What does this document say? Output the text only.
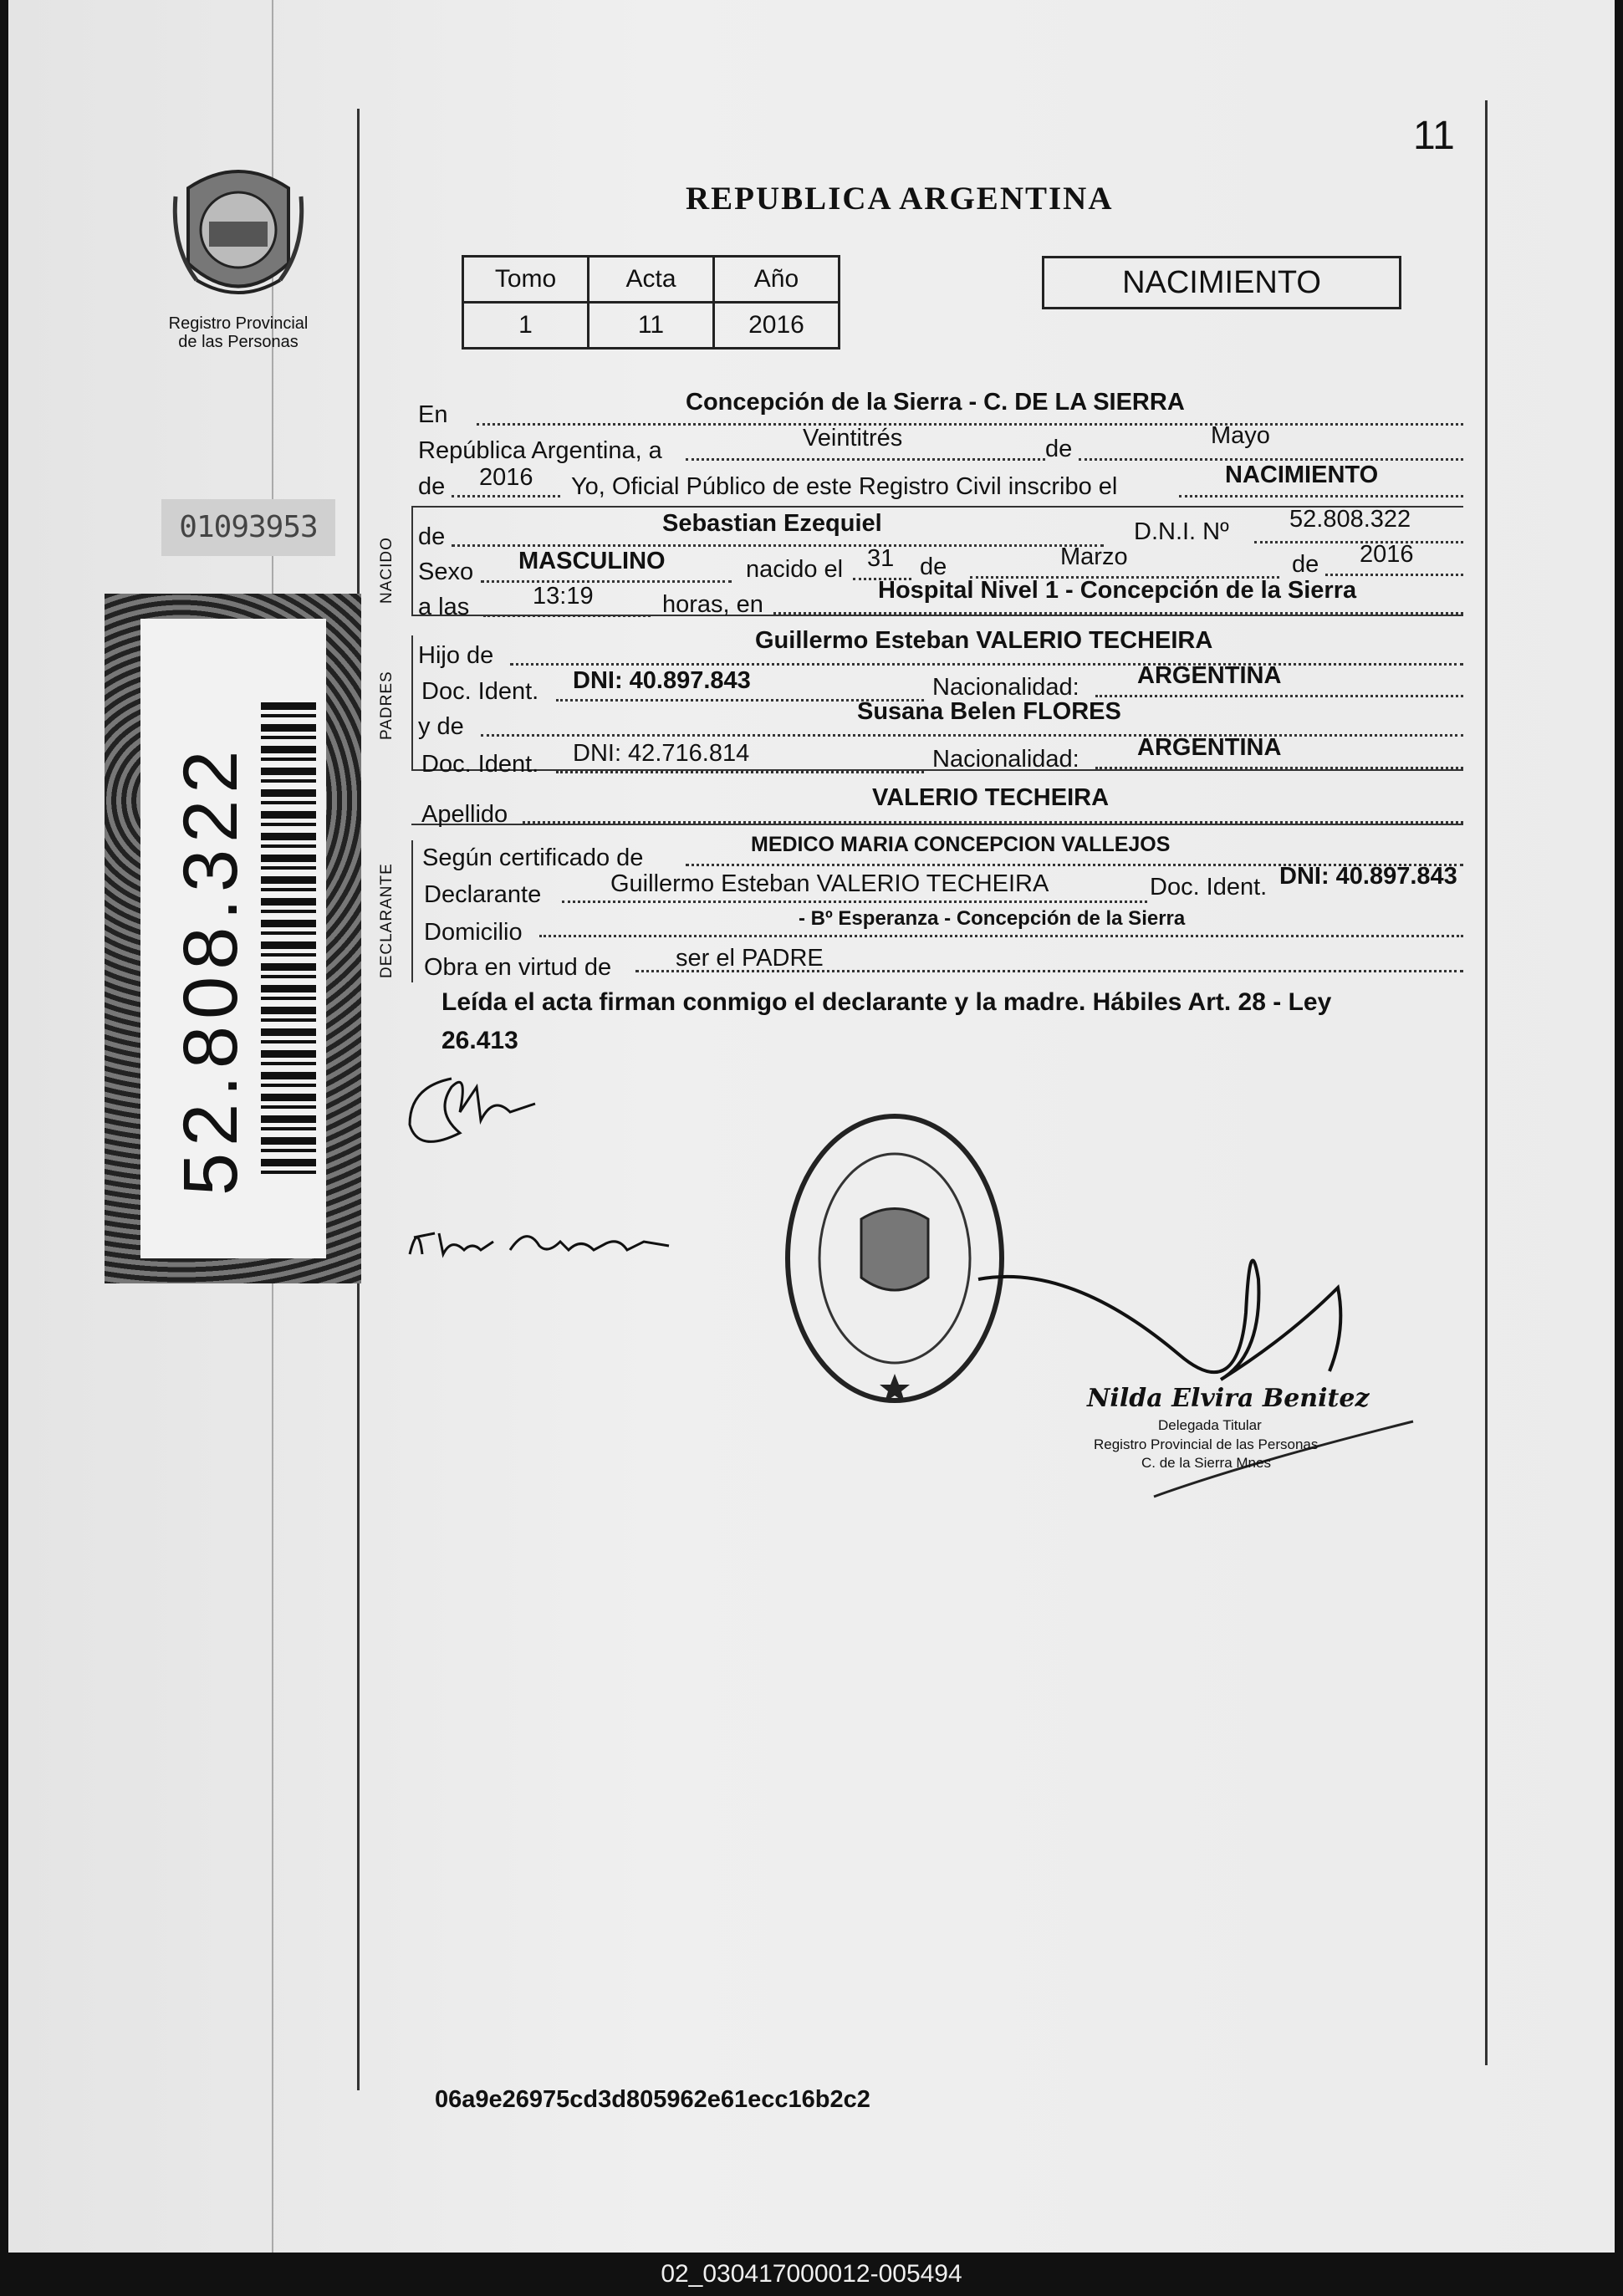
11
REPUBLICA ARGENTINA
Tomo	Acta	Año
1	11	2016
NACIMIENTO
Registro Provincial
de las Personas
01093953
52.808.322
NACIDO
PADRES
DECLARANTE
En	Concepción de la Sierra - C. DE LA SIERRA
República Argentina, a	Veintitrés	de	Mayo
de 2016 Yo, Oficial Público de este Registro Civil inscribo el	NACIMIENTO
de	Sebastian Ezequiel	D.N.I. Nº 52.808.322
Sexo MASCULINO	nacido el 31 de	Marzo	de 2016
a las	13:19	horas, en
Hospital Nivel 1 - Concepción de la Sierra
Hijo de
Guillermo Esteban VALERIO TECHEIRA
Doc. Ident. DNI: 40.897.843	Nacionalidad: ARGENTINA
y de
Susana Belen FLORES
Doc. Ident. DNI: 42.716.814	Nacionalidad: ARGENTINA
Apellido
VALERIO TECHEIRA
Según certificado de	MEDICO MARIA CONCEPCION VALLEJOS
Declarante	Guillermo Esteban VALERIO TECHEIRA	Doc. Ident. DNI: 40.897.843
Domicilio
- Bº Esperanza - Concepción de la Sierra
Obra en virtud de	ser el PADRE
Leída el acta firman conmigo el declarante y la madre. Hábiles Art. 28 - Ley
26.413
Nilda Elvira Benitez
Delegada Titular
Registro Provincial de las Personas
C. de la Sierra Mnes
06a9e26975cd3d805962e61ecc16b2c2
02_030417000012-005494
